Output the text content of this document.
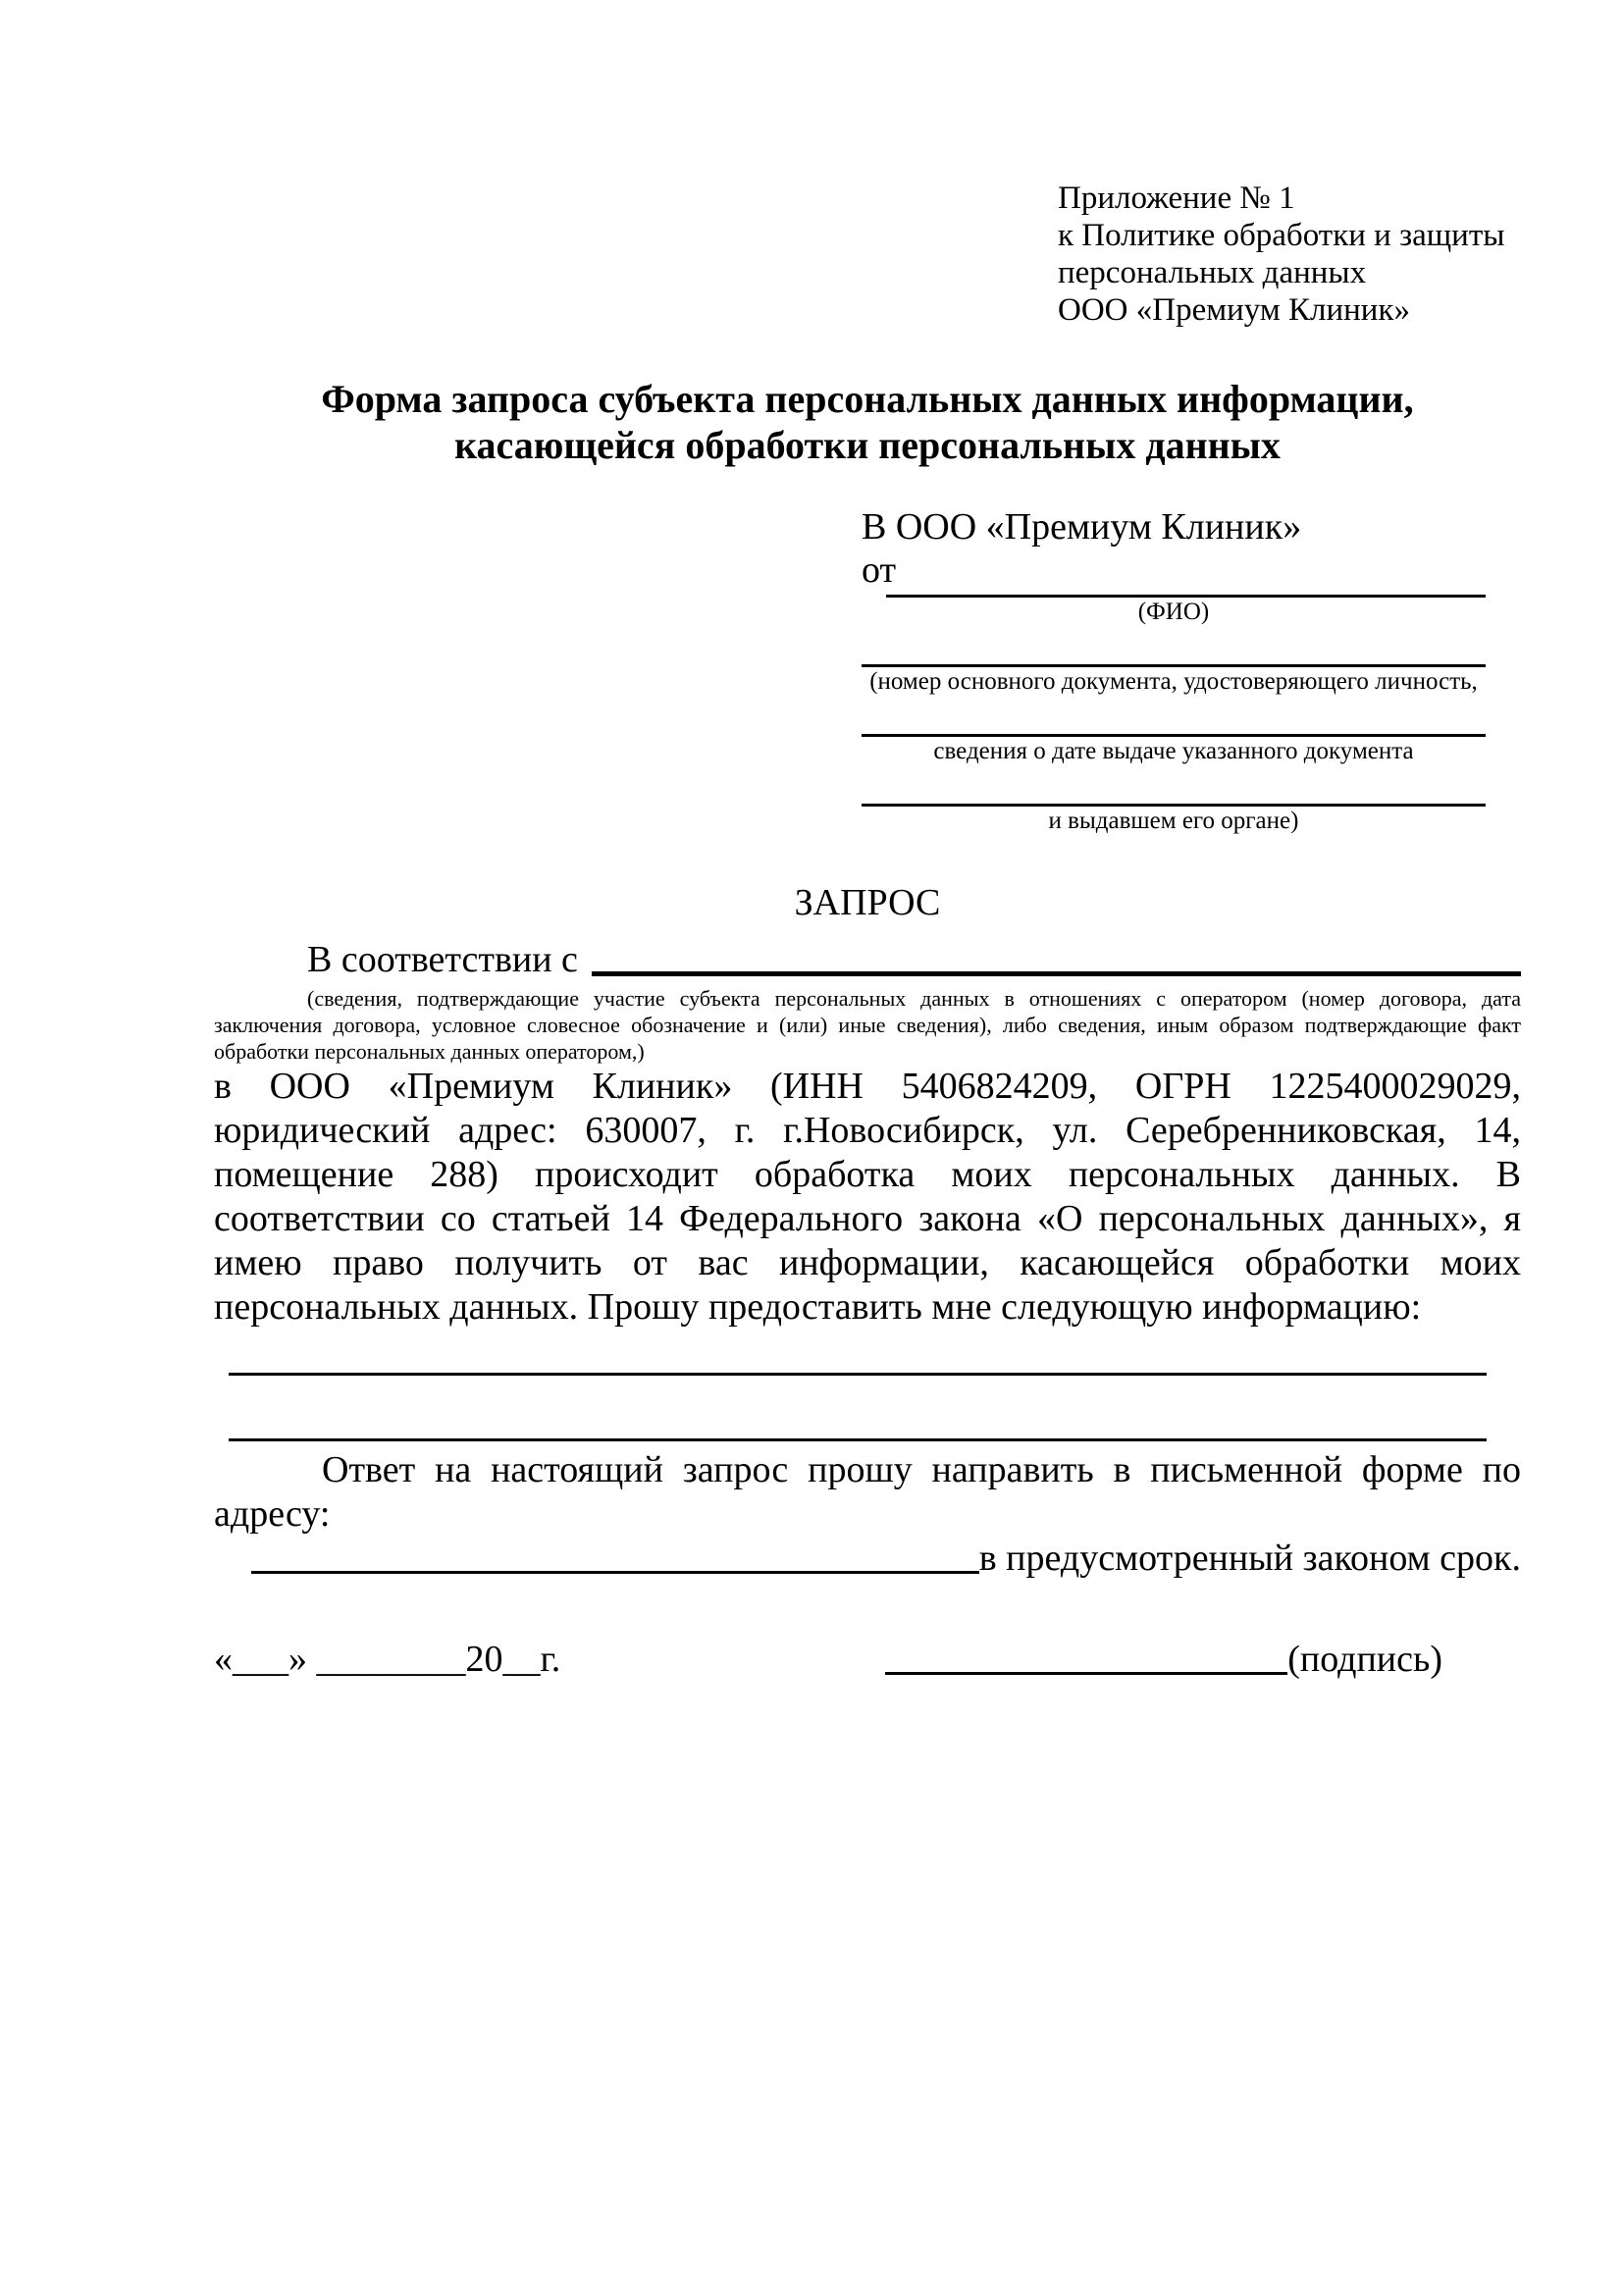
Приложение № 1
к Политике обработки и защиты
персональных данных
ООО «Премиум Клиник»
Форма запроса субъекта персональных данных информации, касающейся обработки персональных данных
В ООО «Премиум Клиник»
от
(ФИО)
(номер основного документа, удостоверяющего личность,
сведения о дате выдаче указанного документа
и выдавшем его органе)
ЗАПРОС
В соответствии с

(сведения, подтверждающие участие субъекта персональных данных в отношениях с оператором (номер договора, дата заключения договора, условное словесное обозначение и (или) иные сведения), либо сведения, иным образом подтверждающие факт обработки персональных данных оператором,)

в ООО «Премиум Клиник» (ИНН 5406824209, ОГРН 1225400029029, юридический адрес: 630007, г. г.Новосибирск, ул. Серебренниковская, 14, помещение 288) происходит обработка моих персональных данных. В соответствии со статьей 14 Федерального закона «О персональных данных», я имею право получить от вас информации, касающейся обработки моих персональных данных. Прошу предоставить мне следующую информацию:

Ответ на настоящий запрос прошу направить в письменной форме по адресу:

в предусмотренный законом срок.
«___» ________20__г.	(подпись)
